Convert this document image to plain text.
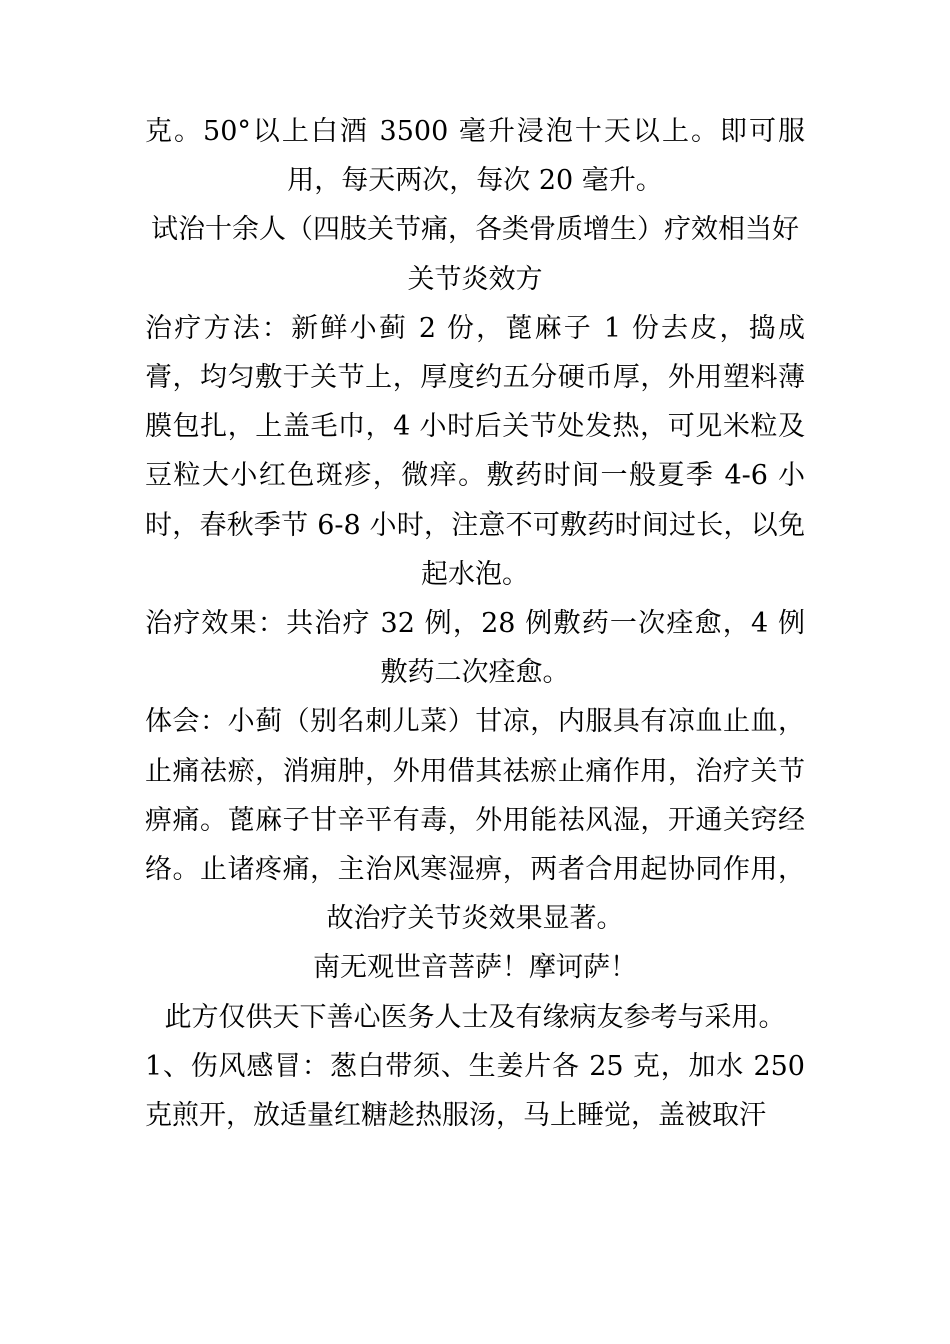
克。50°以上白酒 3500 毫升浸泡十天以上。即可服用，每天两次，每次 20 毫升。

试治十余人（四肢关节痛，各类骨质增生）疗效相当好

关节炎效方

治疗方法：新鲜小蓟 2 份，蓖麻子 1 份去皮，捣成膏，均匀敷于关节上，厚度约五分硬币厚，外用塑料薄膜包扎，上盖毛巾，4 小时后关节处发热，可见米粒及豆粒大小红色斑疹，微痒。敷药时间一般夏季 4-6 小时，春秋季节 6-8 小时，注意不可敷药时间过长，以免起水泡。

治疗效果：共治疗 32 例，28 例敷药一次痊愈，4 例敷药二次痊愈。

体会：小蓟（别名刺儿菜）甘凉，内服具有凉血止血，止痛祛瘀，消痈肿，外用借其祛瘀止痛作用，治疗关节痹痛。蓖麻子甘辛平有毒，外用能祛风湿，开通关窍经络。止诸疼痛，主治风寒湿痹，两者合用起协同作用，故治疗关节炎效果显著。

南无观世音菩萨！摩诃萨！

此方仅供天下善心医务人士及有缘病友参考与采用。

1、伤风感冒：葱白带须、生姜片各 25 克，加水 250 克煎开，放适量红糖趁热服汤，马上睡觉，盖被取汗
